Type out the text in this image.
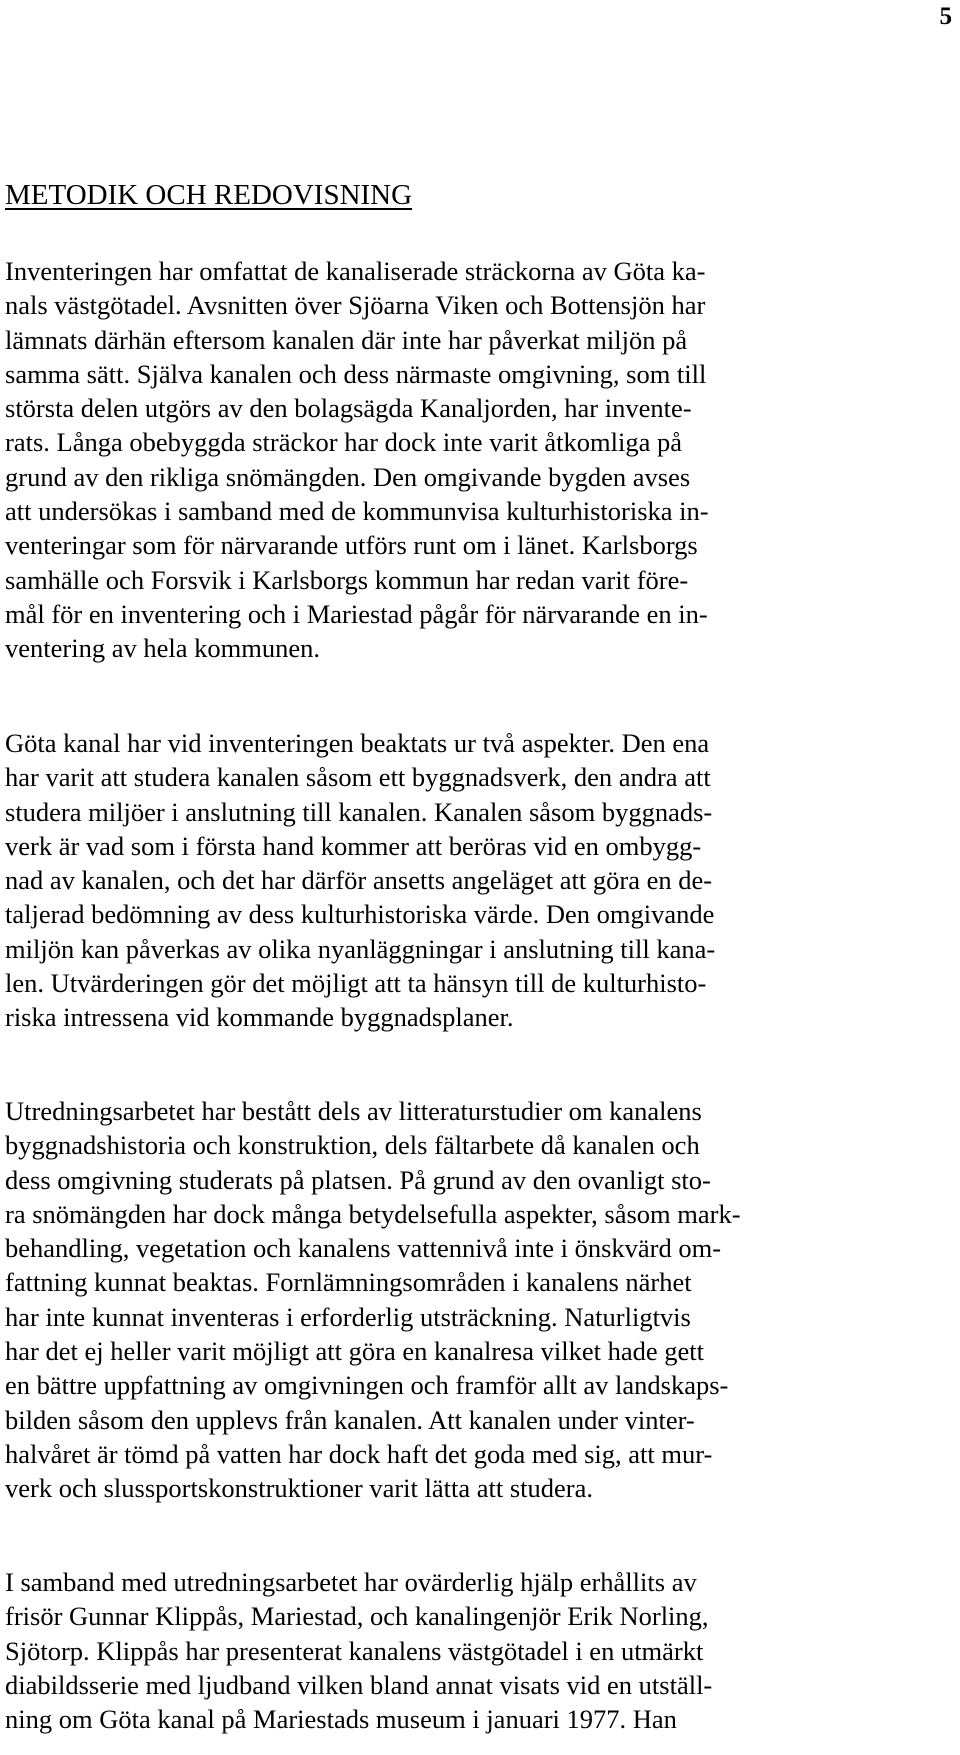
5
METODIK OCH REDOVISNING

Inventeringen har omfattat de kanaliserade sträckorna av Göta ka-
nals västgötadel. Avsnitten över Sjöarna Viken och Bottensjön har
lämnats därhän eftersom kanalen där inte har påverkat miljön på
samma sätt. Själva kanalen och dess närmaste omgivning, som till
största delen utgörs av den bolagsägda Kanaljorden, har invente-
rats. Långa obebyggda sträckor har dock inte varit åtkomliga på
grund av den rikliga snömängden. Den omgivande bygden avses
att undersökas i samband med de kommunvisa kulturhistoriska in-
venteringar som för närvarande utförs runt om i länet. Karlsborgs
samhälle och Forsvik i Karlsborgs kommun har redan varit före-
mål för en inventering och i Mariestad pågår för närvarande en in-
ventering av hela kommunen.

Göta kanal har vid inventeringen beaktats ur två aspekter. Den ena
har varit att studera kanalen såsom ett byggnadsverk, den andra att
studera miljöer i anslutning till kanalen. Kanalen såsom byggnads-
verk är vad som i första hand kommer att beröras vid en ombygg-
nad av kanalen, och det har därför ansetts angeläget att göra en de-
taljerad bedömning av dess kulturhistoriska värde. Den omgivande
miljön kan påverkas av olika nyanläggningar i anslutning till kana-
len. Utvärderingen gör det möjligt att ta hänsyn till de kulturhisto-
riska intressena vid kommande byggnadsplaner.

Utredningsarbetet har bestått dels av litteraturstudier om kanalens
byggnadshistoria och konstruktion, dels fältarbete då kanalen och
dess omgivning studerats på platsen. På grund av den ovanligt sto-
ra snömängden har dock många betydelsefulla aspekter, såsom mark-
behandling, vegetation och kanalens vattennivå inte i önskvärd om-
fattning kunnat beaktas. Fornlämningsområden i kanalens närhet
har inte kunnat inventeras i erforderlig utsträckning. Naturligtvis
har det ej heller varit möjligt att göra en kanalresa vilket hade gett
en bättre uppfattning av omgivningen och framför allt av landskaps-
bilden såsom den upplevs från kanalen. Att kanalen under vinter-
halvåret är tömd på vatten har dock haft det goda med sig, att mur-
verk och slussportskonstruktioner varit lätta att studera.

I samband med utredningsarbetet har ovärderlig hjälp erhållits av
frisör Gunnar Klippås, Mariestad, och kanalingenjör Erik Norling,
Sjötorp. Klippås har presenterat kanalens västgötadel i en utmärkt
diabildsserie med ljudband vilken bland annat visats vid en utställ-
ning om Göta kanal på Mariestads museum i januari 1977. Han
